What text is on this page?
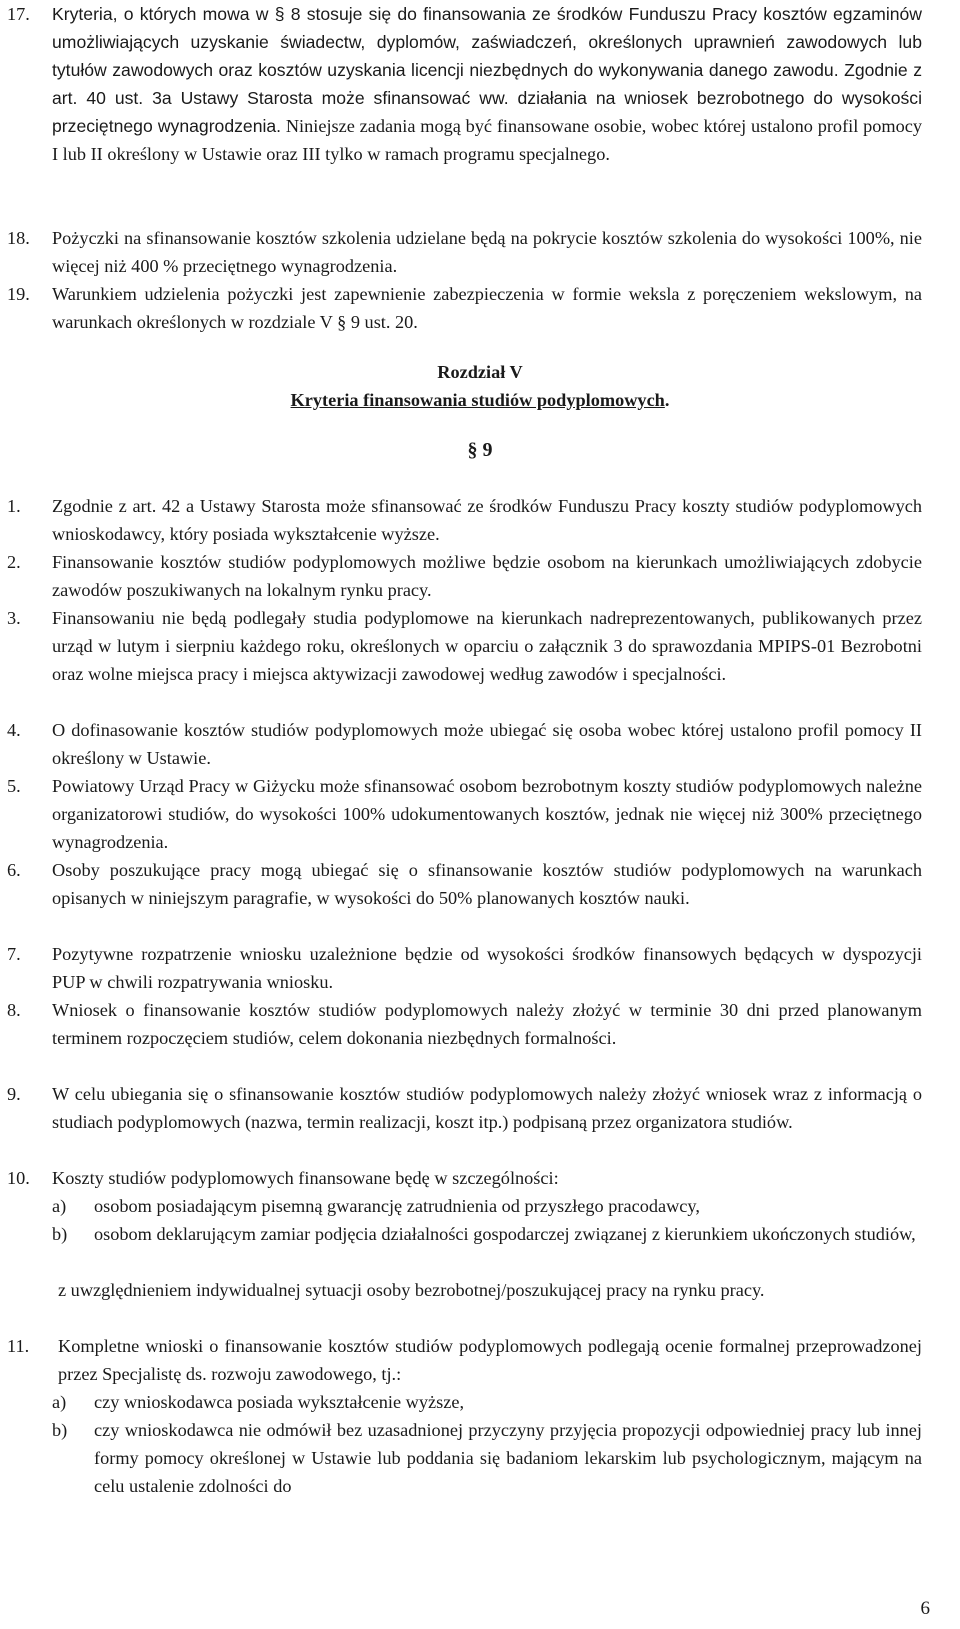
17. Kryteria, o których mowa w § 8 stosuje się do finansowania ze środków Funduszu Pracy kosztów egzaminów umożliwiających uzyskanie świadectw, dyplomów, zaświadczeń, określonych uprawnień zawodowych lub tytułów zawodowych oraz kosztów uzyskania licencji niezbędnych do wykonywania danego zawodu. Zgodnie z art. 40 ust. 3a Ustawy Starosta może sfinansować ww. działania na wniosek bezrobotnego do wysokości przeciętnego wynagrodzenia. Niniejsze zadania mogą być finansowane osobie, wobec której ustalono profil pomocy I lub II określony w Ustawie oraz III tylko w ramach programu specjalnego.
18. Pożyczki na sfinansowanie kosztów szkolenia udzielane będą na pokrycie kosztów szkolenia do wysokości 100%, nie więcej niż 400 % przeciętnego wynagrodzenia.
19. Warunkiem udzielenia pożyczki jest zapewnienie zabezpieczenia w formie weksla z poręczeniem wekslowym, na warunkach określonych w rozdziale V § 9 ust. 20.
Rozdział V
Kryteria finansowania studiów podyplomowych.
§ 9
1. Zgodnie z art. 42 a Ustawy Starosta może sfinansować ze środków Funduszu Pracy koszty studiów podyplomowych wnioskodawcy, który posiada wykształcenie wyższe.
2. Finansowanie kosztów studiów podyplomowych możliwe będzie osobom na kierunkach umożliwiających zdobycie zawodów poszukiwanych na lokalnym rynku pracy.
3. Finansowaniu nie będą podlegały studia podyplomowe na kierunkach nadreprezentowanych, publikowanych przez urząd w lutym i sierpniu każdego roku, określonych w oparciu o załącznik 3 do sprawozdania MPIPS-01 Bezrobotni oraz wolne miejsca pracy i miejsca aktywizacji zawodowej według zawodów i specjalności.
4. O dofinasowanie kosztów studiów podyplomowych może ubiegać się osoba wobec której ustalono profil pomocy II określony w Ustawie.
5. Powiatowy Urząd Pracy w Giżycku może sfinansować osobom bezrobotnym koszty studiów podyplomowych należne organizatorowi studiów, do wysokości 100% udokumentowanych kosztów, jednak nie więcej niż 300% przeciętnego wynagrodzenia.
6. Osoby poszukujące pracy mogą ubiegać się o sfinansowanie kosztów studiów podyplomowych na warunkach opisanych w niniejszym paragrafie, w wysokości do 50% planowanych kosztów nauki.
7. Pozytywne rozpatrzenie wniosku uzależnione będzie od wysokości środków finansowych będących w dyspozycji PUP w chwili rozpatrywania wniosku.
8. Wniosek o finansowanie kosztów studiów podyplomowych należy złożyć w terminie 30 dni przed planowanym terminem rozpoczęciem studiów, celem dokonania niezbędnych formalności.
9. W celu ubiegania się o sfinansowanie kosztów studiów podyplomowych należy złożyć wniosek wraz z informacją o studiach podyplomowych (nazwa, termin realizacji, koszt itp.) podpisaną przez organizatora studiów.
10. Koszty studiów podyplomowych finansowane będę w szczególności:
a) osobom posiadającym pisemną gwarancję zatrudnienia od przyszłego pracodawcy,
b) osobom deklarującym zamiar podjęcia działalności gospodarczej związanej z kierunkiem ukończonych studiów,
z uwzględnieniem indywidualnej sytuacji osoby bezrobotnej/poszukującej pracy na rynku pracy.
11. Kompletne wnioski o finansowanie kosztów studiów podyplomowych podlegają ocenie formalnej przeprowadzonej przez Specjalistę ds. rozwoju zawodowego, tj.:
a) czy wnioskodawca posiada wykształcenie wyższe,
b) czy wnioskodawca nie odmówił bez uzasadnionej przyczyny przyjęcia propozycji odpowiedniej pracy lub innej formy pomocy określonej w Ustawie lub poddania się badaniom lekarskim lub psychologicznym, mającym na celu ustalenie zdolności do
6
